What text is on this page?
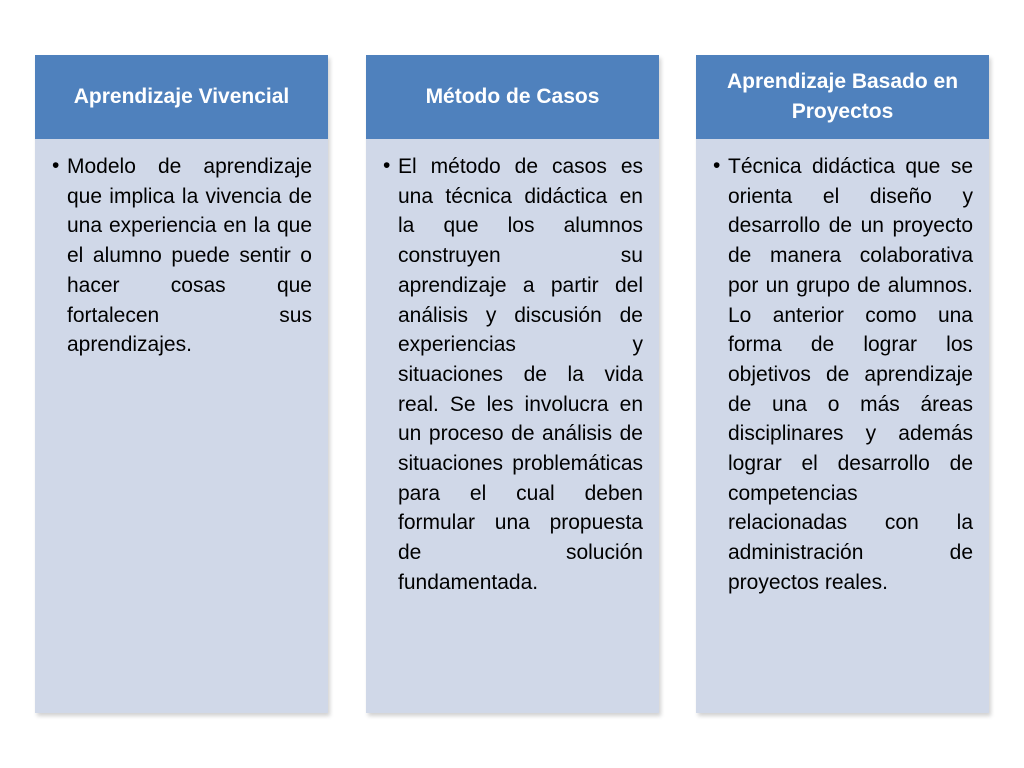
Aprendizaje Vivencial
• Modelo de aprendizaje que implica la vivencia de una experiencia en la que el alumno puede sentir o hacer cosas que fortalecen sus aprendizajes.

Método de Casos
• El método de casos es una técnica didáctica en la que los alumnos construyen su aprendizaje a partir del análisis y discusión de experiencias y situaciones de la vida real. Se les involucra en un proceso de análisis de situaciones problemáticas para el cual deben formular una propuesta de solución fundamentada.

Aprendizaje Basado en Proyectos
• Técnica didáctica que se orienta el diseño y desarrollo de un proyecto de manera colaborativa por un grupo de alumnos. Lo anterior como una forma de lograr los objetivos de aprendizaje de una o más áreas disciplinares y además lograr el desarrollo de competencias relacionadas con la administración de proyectos reales.
